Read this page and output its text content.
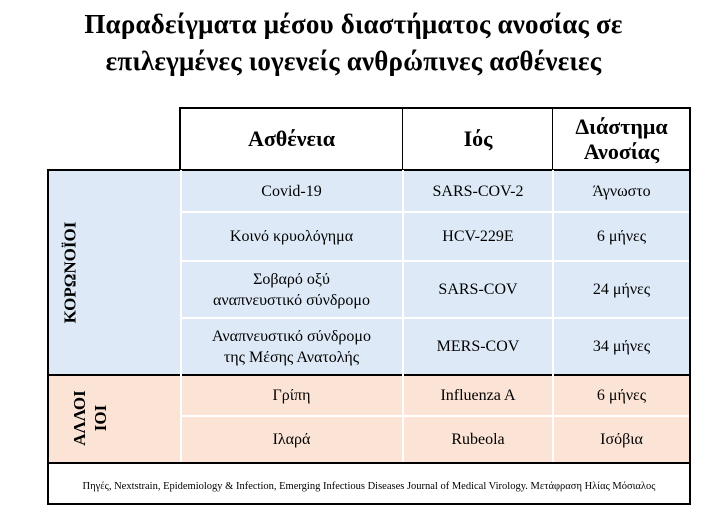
Παραδείγματα μέσου διαστήματος ανοσίας σε
επιλεγμένες ιογενείς ανθρώπινες ασθένειες
Ασθένεια	Ιός	Διάστημα
Ανοσίας
ΚΟΡΩΝΟΪΟΙ
ΑΛΛΟΙ ΙΟΙ
Covid-19	SARS-COV-2	Άγνωστο
Κοινό κρυολόγημα	HCV-229E	6 μήνες
Σοβαρό οξύ
αναπνευστικό σύνδρομο
SARS-COV	24 μήνες
Αναπνευστικό σύνδρομο
της Μέσης Ανατολής
MERS-COV	34 μήνες
Γρίπη	Influenza A	6 μήνες
Ιλαρά	Rubeola	Ισόβια
Πηγές, Nextstrain, Epidemiology & Infection, Emerging Infectious Diseases Journal of Medical Virology. Μετάφραση Ηλίας Μόσιαλος
